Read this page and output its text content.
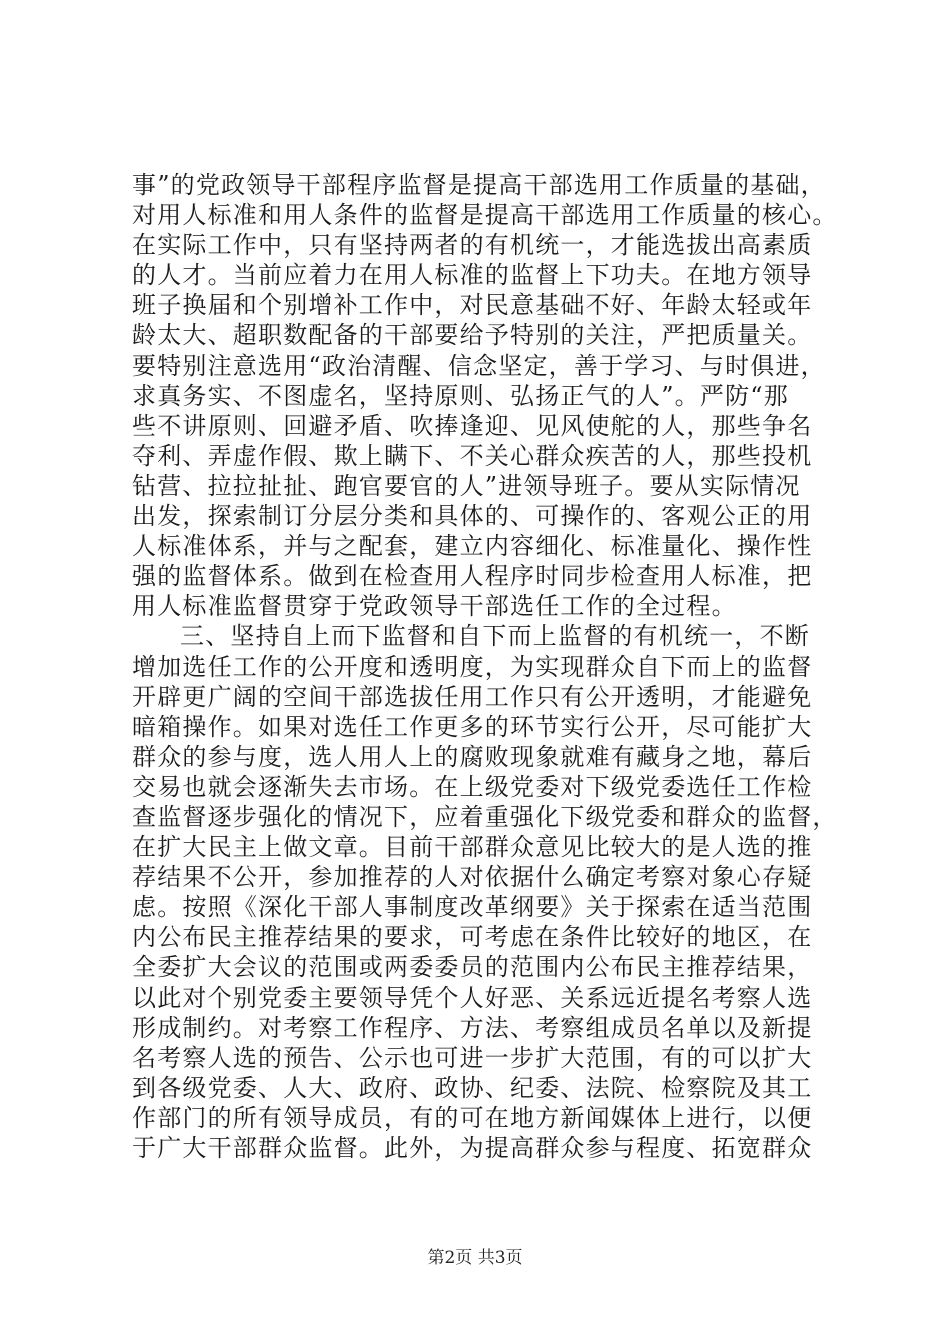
事”的党政领导干部程序监督是提高干部选用工作质量的基础，
对用人标准和用人条件的监督是提高干部选用工作质量的核心。
在实际工作中，只有坚持两者的有机统一，才能选拔出高素质
的人才。当前应着力在用人标准的监督上下功夫。在地方领导
班子换届和个别增补工作中，对民意基础不好、年龄太轻或年
龄太大、超职数配备的干部要给予特别的关注，严把质量关。
要特别注意选用“政治清醒、信念坚定，善于学习、与时俱进，
求真务实、不图虚名，坚持原则、弘扬正气的人”。严防“那
些不讲原则、回避矛盾、吹捧逢迎、见风使舵的人，那些争名
夺利、弄虚作假、欺上瞒下、不关心群众疾苦的人，那些投机
钻营、拉拉扯扯、跑官要官的人”进领导班子。要从实际情况
出发，探索制订分层分类和具体的、可操作的、客观公正的用
人标准体系，并与之配套，建立内容细化、标准量化、操作性
强的监督体系。做到在检查用人程序时同步检查用人标准，把
用人标准监督贯穿于党政领导干部选任工作的全过程。
三、坚持自上而下监督和自下而上监督的有机统一，不断
增加选任工作的公开度和透明度，为实现群众自下而上的监督
开辟更广阔的空间干部选拔任用工作只有公开透明，才能避免
暗箱操作。如果对选任工作更多的环节实行公开，尽可能扩大
群众的参与度，选人用人上的腐败现象就难有藏身之地，幕后
交易也就会逐渐失去市场。在上级党委对下级党委选任工作检
查监督逐步强化的情况下，应着重强化下级党委和群众的监督，
在扩大民主上做文章。目前干部群众意见比较大的是人选的推
荐结果不公开，参加推荐的人对依据什么确定考察对象心存疑
虑。按照《深化干部人事制度改革纲要》关于探索在适当范围
内公布民主推荐结果的要求，可考虑在条件比较好的地区，在
全委扩大会议的范围或两委委员的范围内公布民主推荐结果，
以此对个别党委主要领导凭个人好恶、关系远近提名考察人选
形成制约。对考察工作程序、方法、考察组成员名单以及新提
名考察人选的预告、公示也可进一步扩大范围，有的可以扩大
到各级党委、人大、政府、政协、纪委、法院、检察院及其工
作部门的所有领导成员，有的可在地方新闻媒体上进行，以便
于广大干部群众监督。此外，为提高群众参与程度、拓宽群众
第2页 共3页
